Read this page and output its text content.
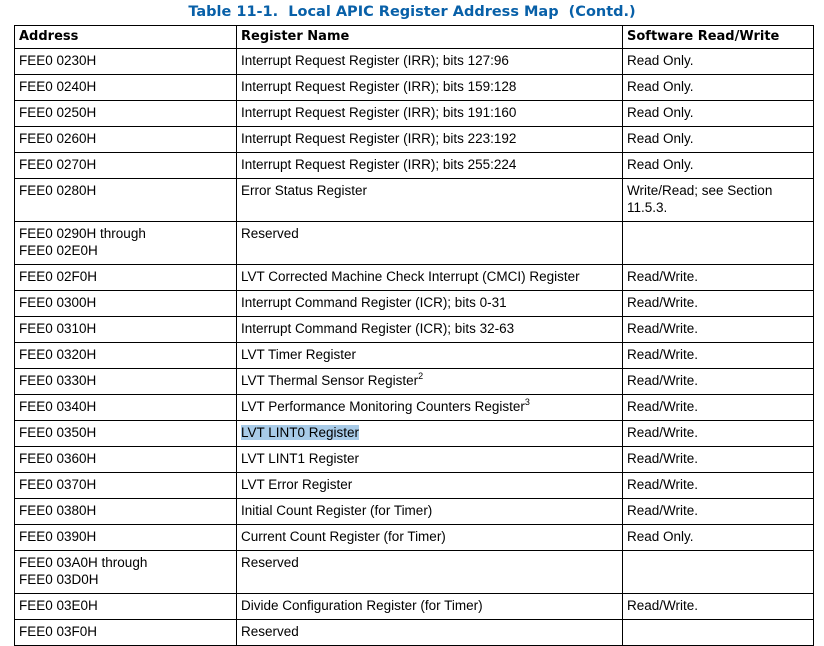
Table 11-1.  Local APIC Register Address Map  (Contd.)
Address	Register Name	Software Read/Write

FEE0 0230H	Interrupt Request Register (IRR); bits 127:96	Read Only.

FEE0 0240H	Interrupt Request Register (IRR); bits 159:128	Read Only.

FEE0 0250H	Interrupt Request Register (IRR); bits 191:160	Read Only.

FEE0 0260H	Interrupt Request Register (IRR); bits 223:192	Read Only.

FEE0 0270H	Interrupt Request Register (IRR); bits 255:224	Read Only.

FEE0 0280H	Error Status Register	Write/Read; see Section
11.5.3.

FEE0 0290H through
FEE0 02E0H	Reserved	

FEE0 02F0H	LVT Corrected Machine Check Interrupt (CMCI) Register	Read/Write.

FEE0 0300H	Interrupt Command Register (ICR); bits 0-31	Read/Write.

FEE0 0310H	Interrupt Command Register (ICR); bits 32-63	Read/Write.

FEE0 0320H	LVT Timer Register	Read/Write.

FEE0 0330H	LVT Thermal Sensor Register$^2$	Read/Write.

FEE0 0340H	LVT Performance Monitoring Counters Register$^3$	Read/Write.

FEE0 0350H	LVT LINT0 Register	Read/Write.

FEE0 0360H	LVT LINT1 Register	Read/Write.

FEE0 0370H	LVT Error Register	Read/Write.

FEE0 0380H	Initial Count Register (for Timer)	Read/Write.

FEE0 0390H	Current Count Register (for Timer)	Read Only.

FEE0 03A0H through
FEE0 03D0H	Reserved	

FEE0 03E0H	Divide Configuration Register (for Timer)	Read/Write.

FEE0 03F0H	Reserved	
